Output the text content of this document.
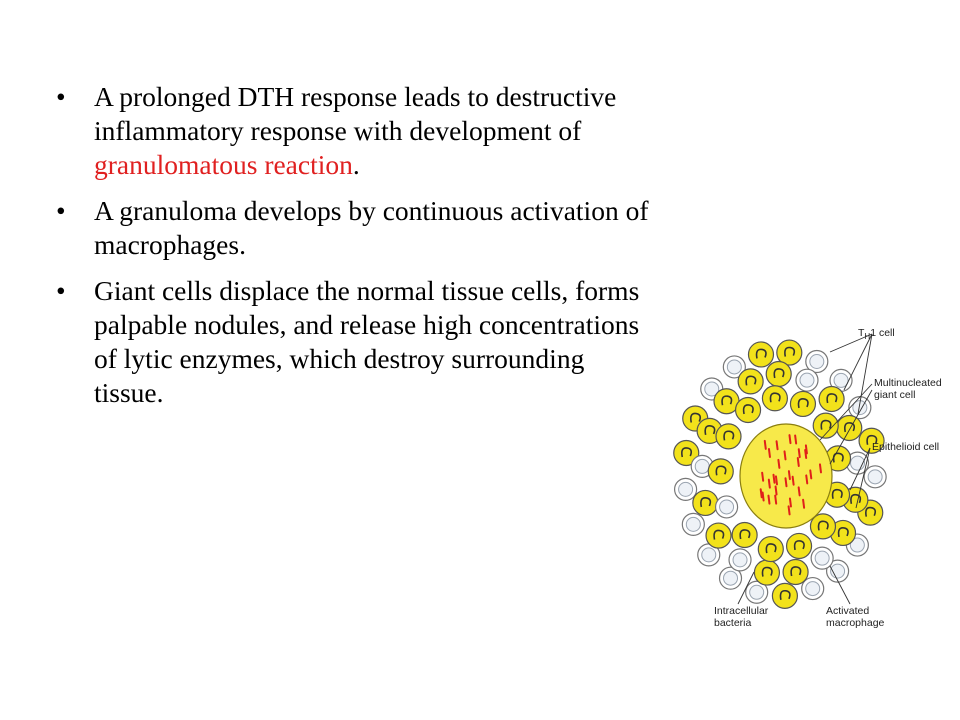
• A prolonged DTH response leads to destructive inflammatory response with development of granulomatous reaction.
• A granuloma develops by continuous activation of macrophages.
• Giant cells displace the normal tissue cells, forms palpable nodules, and release high concentrations of lytic enzymes, which destroy surrounding tissue.
$T_H1$ cell
Multinucleated giant cell
Epithelioid cell
Intracellular bacteria
Activated macrophage
